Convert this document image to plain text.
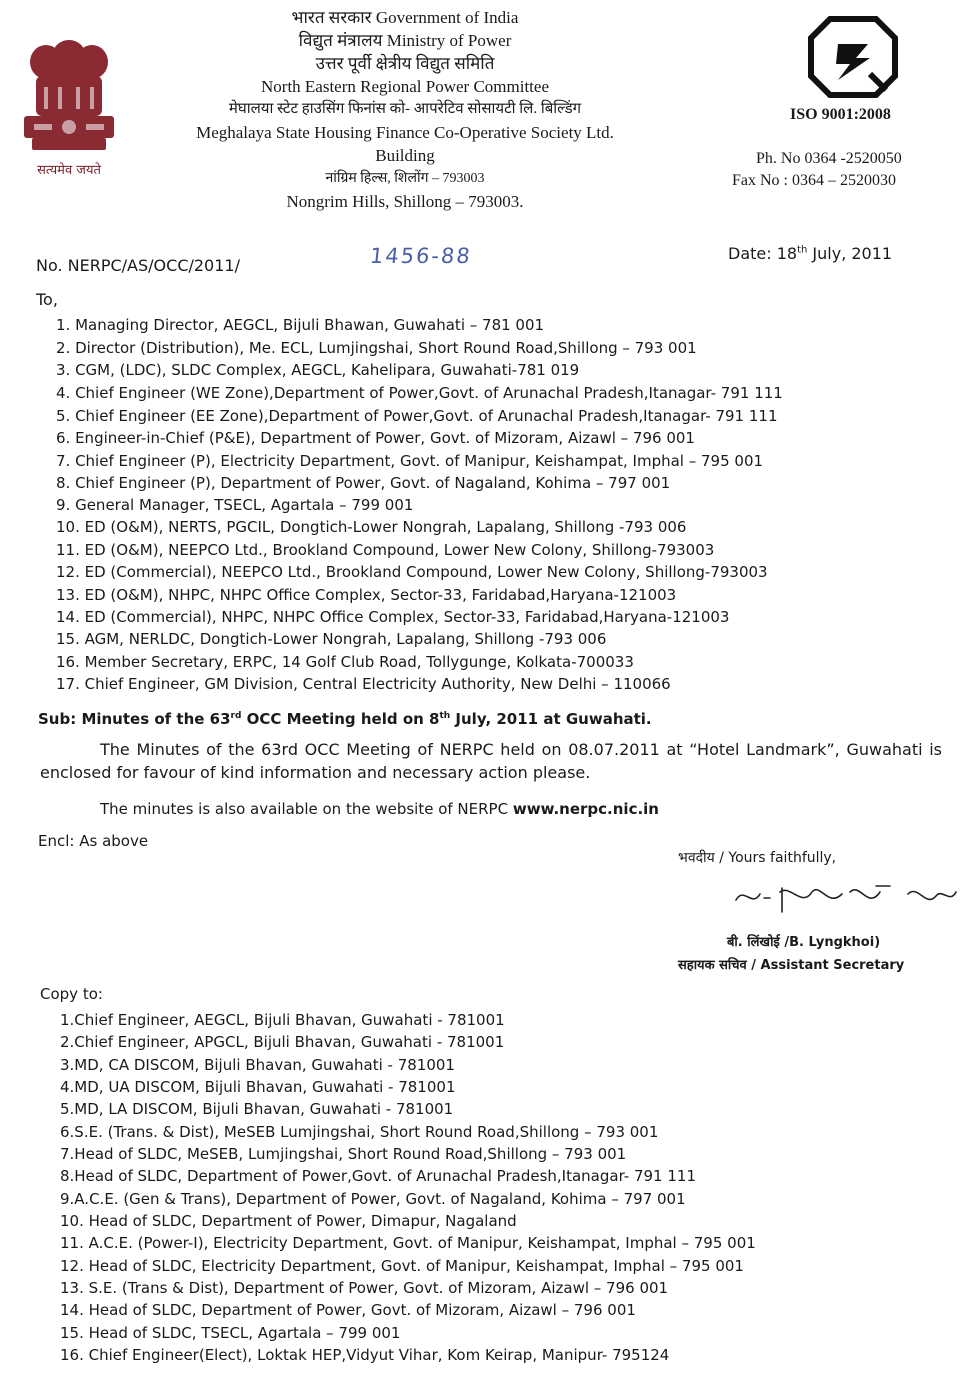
सत्यमेव जयते
भारत सरकार Government of India
विद्युत मंत्रालय Ministry of Power
उत्तर पूर्वी क्षेत्रीय विद्युत समिति
North Eastern Regional Power Committee
मेघालया स्टेट हाउसिंग फिनांस को- आपरेटिव सोसायटी लि. बिल्डिंग
Meghalaya State Housing Finance Co-Operative Society Ltd.
Building
नांग्रिम हिल्स, शिलोंग – 793003
Nongrim Hills, Shillong – 793003.
ISO 9001:2008
Ph. No 0364 -2520050
Fax No : 0364 – 2520030
No. NERPC/AS/OCC/2011/	1456-88	Date: 18th July, 2011
To,
1. Managing Director, AEGCL, Bijuli Bhawan, Guwahati – 781 001
2. Director (Distribution), Me. ECL, Lumjingshai, Short Round Road,Shillong – 793 001
3. CGM, (LDC), SLDC Complex, AEGCL, Kahelipara, Guwahati-781 019
4. Chief Engineer (WE Zone),Department of Power,Govt. of Arunachal Pradesh,Itanagar- 791 111
5. Chief Engineer (EE Zone),Department of Power,Govt. of Arunachal Pradesh,Itanagar- 791 111
6. Engineer-in-Chief (P&E), Department of Power, Govt. of Mizoram, Aizawl – 796 001
7. Chief Engineer (P), Electricity Department, Govt. of Manipur, Keishampat, Imphal – 795 001
8. Chief Engineer (P), Department of Power, Govt. of Nagaland, Kohima – 797 001
9. General Manager, TSECL, Agartala – 799 001
10. ED (O&M), NERTS, PGCIL, Dongtich-Lower Nongrah, Lapalang, Shillong -793 006
11. ED (O&M), NEEPCO Ltd., Brookland Compound, Lower New Colony, Shillong-793003
12. ED (Commercial), NEEPCO Ltd., Brookland Compound, Lower New Colony, Shillong-793003
13. ED (O&M), NHPC, NHPC Office Complex, Sector-33, Faridabad,Haryana-121003
14. ED (Commercial), NHPC, NHPC Office Complex, Sector-33, Faridabad,Haryana-121003
15. AGM, NERLDC, Dongtich-Lower Nongrah, Lapalang, Shillong -793 006
16. Member Secretary, ERPC, 14 Golf Club Road, Tollygunge, Kolkata-700033
17. Chief Engineer, GM Division, Central Electricity Authority, New Delhi – 110066
Sub: Minutes of the 63rd OCC Meeting held on 8th July, 2011 at Guwahati.
The Minutes of the 63rd OCC Meeting of NERPC held on 08.07.2011 at “Hotel Landmark”, Guwahati is enclosed for favour of kind information and necessary action please.
The minutes is also available on the website of NERPC www.nerpc.nic.in
Encl: As above
भवदीय / Yours faithfully,
बी. लिंखोई /B. Lyngkhoi)
सहायक सचिव / Assistant Secretary
Copy to:
1.Chief Engineer, AEGCL, Bijuli Bhavan, Guwahati - 781001
2.Chief Engineer, APGCL, Bijuli Bhavan, Guwahati - 781001
3.MD, CA DISCOM, Bijuli Bhavan, Guwahati - 781001
4.MD, UA DISCOM, Bijuli Bhavan, Guwahati - 781001
5.MD, LA DISCOM, Bijuli Bhavan, Guwahati - 781001
6.S.E. (Trans. & Dist), MeSEB Lumjingshai, Short Round Road,Shillong – 793 001
7.Head of SLDC, MeSEB, Lumjingshai, Short Round Road,Shillong – 793 001
8.Head of SLDC, Department of Power,Govt. of Arunachal Pradesh,Itanagar- 791 111
9.A.C.E. (Gen & Trans), Department of Power, Govt. of Nagaland, Kohima – 797 001
10. Head of SLDC, Department of Power, Dimapur, Nagaland
11. A.C.E. (Power-I), Electricity Department, Govt. of Manipur, Keishampat, Imphal – 795 001
12. Head of SLDC, Electricity Department, Govt. of Manipur, Keishampat, Imphal – 795 001
13. S.E. (Trans & Dist), Department of Power, Govt. of Mizoram, Aizawl – 796 001
14. Head of SLDC, Department of Power, Govt. of Mizoram, Aizawl – 796 001
15. Head of SLDC, TSECL, Agartala – 799 001
16. Chief Engineer(Elect), Loktak HEP,Vidyut Vihar, Kom Keirap, Manipur- 795124
